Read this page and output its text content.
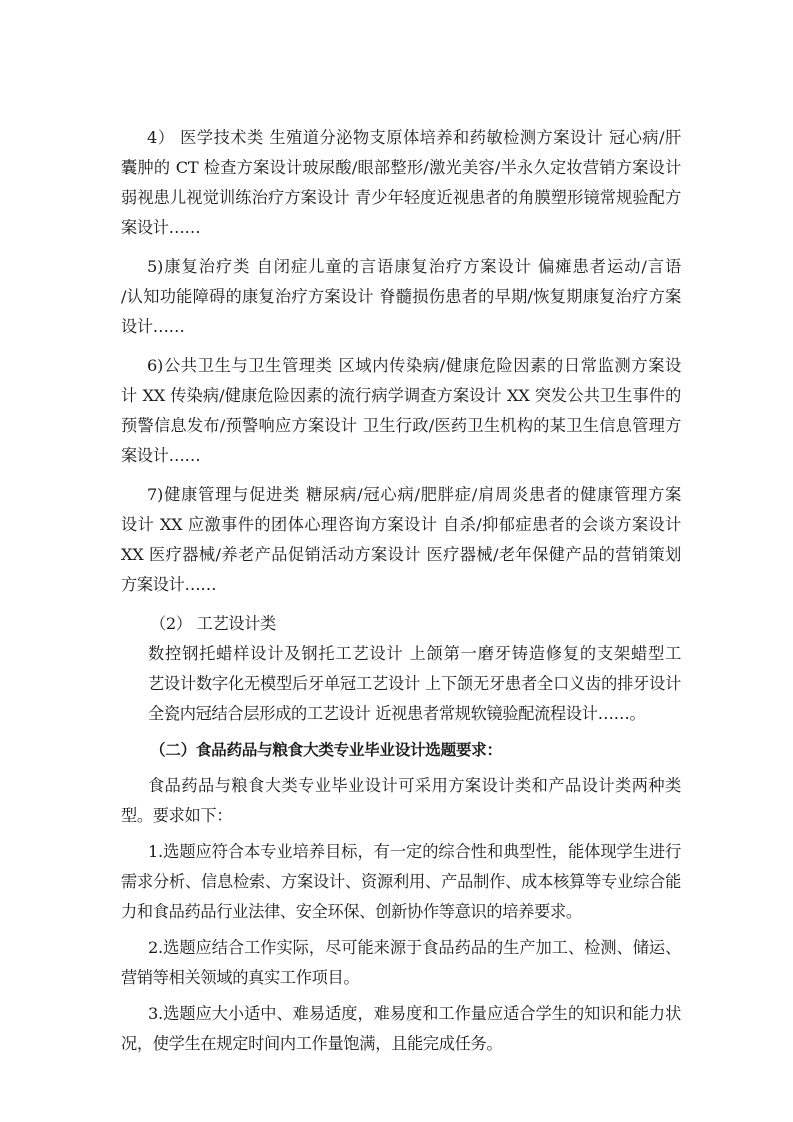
4） 医学技术类 生殖道分泌物支原体培养和药敏检测方案设计 冠心病/肝
囊肿的 CT 检查方案设计玻尿酸/眼部整形/激光美容/半永久定妆营销方案设计
弱视患儿视觉训练治疗方案设计 青少年轻度近视患者的角膜塑形镜常规验配方
案设计……
5)康复治疗类 自闭症儿童的言语康复治疗方案设计 偏瘫患者运动/言语
/认知功能障碍的康复治疗方案设计 脊髓损伤患者的早期/恢复期康复治疗方案
设计……
6)公共卫生与卫生管理类 区域内传染病/健康危险因素的日常监测方案设
计 XX 传染病/健康危险因素的流行病学调查方案设计 XX 突发公共卫生事件的
预警信息发布/预警响应方案设计 卫生行政/医药卫生机构的某卫生信息管理方
案设计……
7)健康管理与促进类 糖尿病/冠心病/肥胖症/肩周炎患者的健康管理方案
设计 XX 应激事件的团体心理咨询方案设计 自杀/抑郁症患者的会谈方案设计
XX 医疗器械/养老产品促销活动方案设计 医疗器械/老年保健产品的营销策划
方案设计……
（2） 工艺设计类
数控钢托蜡样设计及钢托工艺设计 上颌第一磨牙铸造修复的支架蜡型工
艺设计数字化无模型后牙单冠工艺设计 上下颌无牙患者全口义齿的排牙设计
全瓷内冠结合层形成的工艺设计 近视患者常规软镜验配流程设计……。
（二）食品药品与粮食大类专业毕业设计选题要求：
食品药品与粮食大类专业毕业设计可采用方案设计类和产品设计类两种类
型。要求如下：
1.选题应符合本专业培养目标，有一定的综合性和典型性，能体现学生进行
需求分析、信息检索、方案设计、资源利用、产品制作、成本核算等专业综合能
力和食品药品行业法律、安全环保、创新协作等意识的培养要求。
2.选题应结合工作实际，尽可能来源于食品药品的生产加工、检测、储运、
营销等相关领域的真实工作项目。
3.选题应大小适中、难易适度，难易度和工作量应适合学生的知识和能力状
况，使学生在规定时间内工作量饱满，且能完成任务。
